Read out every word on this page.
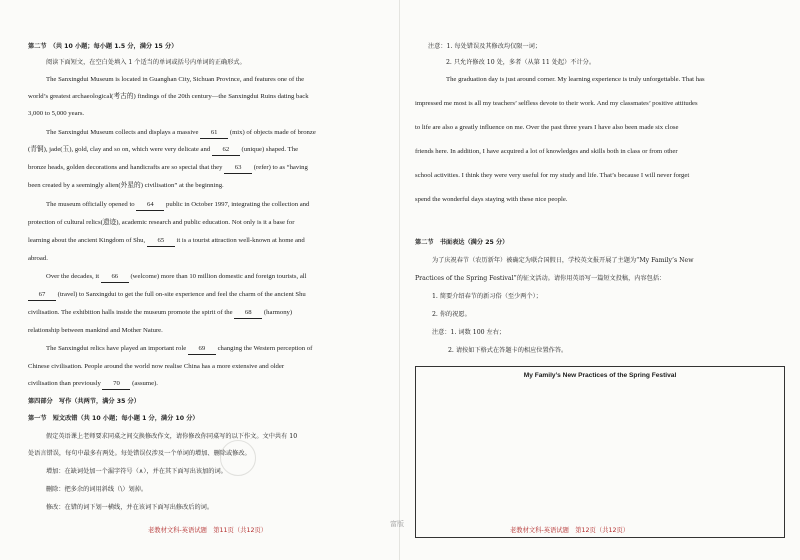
第二节　（共 10 小题；每小题 1.5 分，满分 15 分）
阅读下面短文，在空白处填入 1 个适当的单词或括号内单词的正确形式。
The Sanxingdui Museum is located in Guanghan City, Sichuan Province, and features one of the
world’s greatest archaeological(考古的) findings of the 20th century—the Sanxingdui Ruins dating back
3,000 to 5,000 years.
The Sanxingdui Museum collects and displays a massive 61 (mix) of objects made of bronze
(青铜), jade(玉), gold, clay and so on, which were very delicate and 62 (unique) shaped. The
bronze heads, golden decorations and handicrafts are so special that they 63 (refer) to as “having
been created by a seemingly alien(外星的) civilisation” at the beginning.
The museum officially opened to 64 public in October 1997, integrating the collection and
protection of cultural relics(遗迹), academic research and public education. Not only is it a base for
learning about the ancient Kingdom of Shu, 65 it is a tourist attraction well-known at home and
abroad.
Over the decades, it 66 (welcome) more than 10 million domestic and foreign tourists, all
67 (travel) to Sanxingdui to get the full on-site experience and feel the charm of the ancient Shu
civilisation. The exhibition halls inside the museum promote the spirit of the 68 (harmony)
relationship between mankind and Mother Nature.
The Sanxingdui relics have played an important role 69 changing the Western perception of
Chinese civilisation. People around the world now realise China has a more extensive and older
civilisation than previously 70 (assume).
第四部分　写作（共两节，满分 35 分）
第一节　短文改错（共 10 小题；每小题 1 分，满分 10 分）
假定英语课上老师要求同桌之间交换修改作文，请你修改你同桌写的以下作文。文中共有 10
处语言错误，每句中最多有两处。每处错误仅涉及一个单词的增加、删除或修改。
增加：在缺词处加一个漏字符号（∧），并在其下面写出该加的词。
删除：把多余的词用斜线（\）划掉。
修改：在错的词下划一横线，并在该词下面写出修改后的词。
老教材文科-英语试题　第11页（共12页）
富版
注意：1. 每处错误及其修改均仅限一词；
2. 只允许修改 10 处，多者（从第 11 处起）不计分。
The graduation day is just around corner. My learning experience is truly unforgettable. That has
impressed me most is all my teachers’ selfless devote to their work. And my classmates’ positive attitudes
to life are also a greatly influence on me. Over the past three years I have also been made six close
friends here. In addition, I have acquired a lot of knowledges and skills both in class or from other
school activities. I think they were very useful for my study and life. That’s because I will never forget
spend the wonderful days staying with these nice people.
第二节　书面表达（满分 25 分）
为了庆祝春节（农历新年）被确定为联合国假日，学校英文报开展了主题为“My Family’s New
Practices of the Spring Festival”的征文活动。请你用英语写一篇短文投稿，内容包括：
1. 简要介绍春节的新习俗（至少两个）；
2. 你的祝愿。
注意：1. 词数 100 左右；
2. 请按如下格式在答题卡的相应位置作答。
My Family’s New Practices of the Spring Festival
老教材文科-英语试题　第12页（共12页）
